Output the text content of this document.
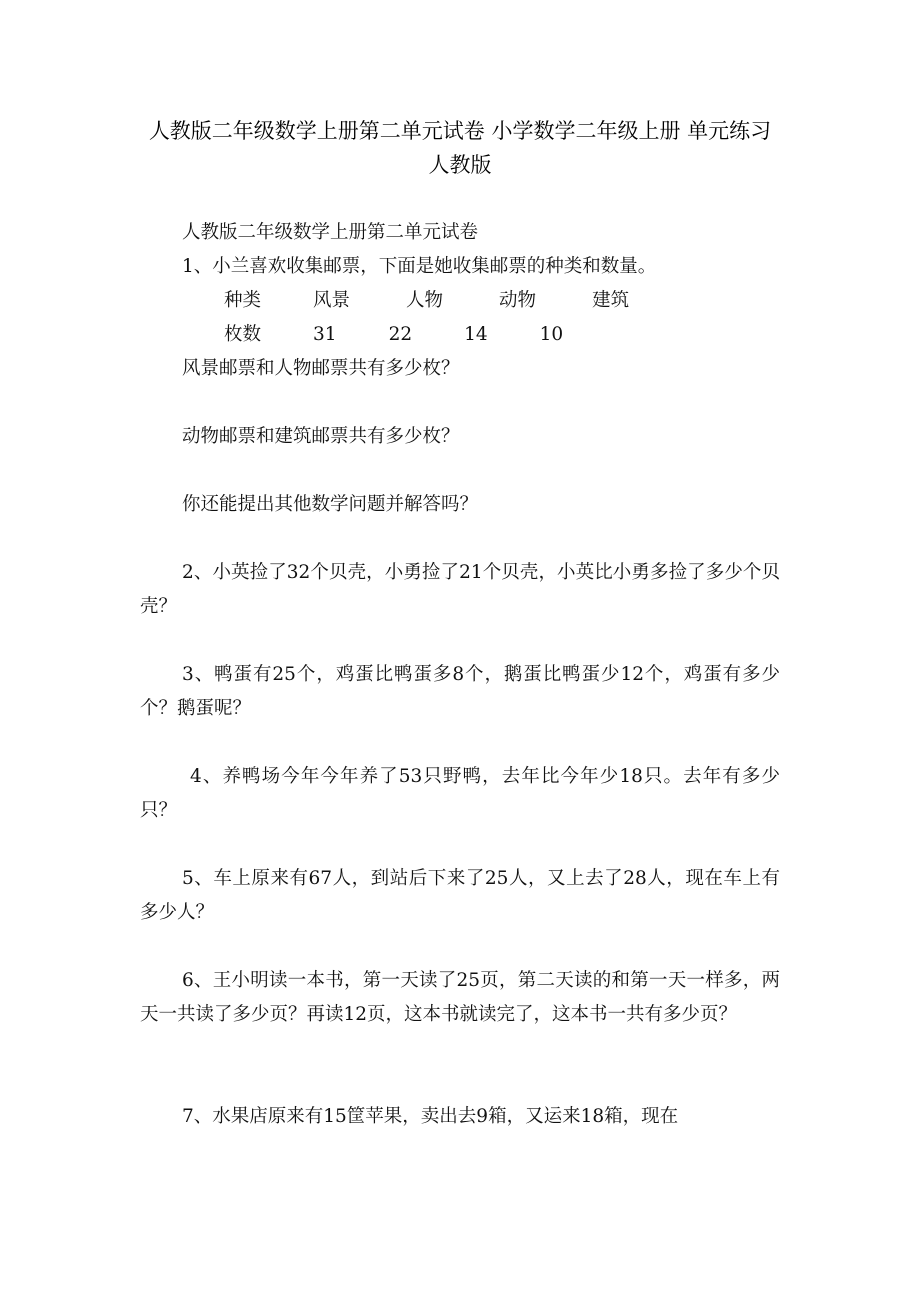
人教版二年级数学上册第二单元试卷 小学数学二年级上册 单元练习 人教版
人教版二年级数学上册第二单元试卷
1、小兰喜欢收集邮票，下面是她收集邮票的种类和数量。
种类	风景	人物	动物	建筑
枚数	31	22	14	10
风景邮票和人物邮票共有多少枚？
动物邮票和建筑邮票共有多少枚？
你还能提出其他数学问题并解答吗？
2、小英捡了32个贝壳，小勇捡了21个贝壳，小英比小勇多捡了多少个贝壳？
3、鸭蛋有25个，鸡蛋比鸭蛋多8个，鹅蛋比鸭蛋少12个，鸡蛋有多少个？鹅蛋呢？
4、养鸭场今年今年养了53只野鸭，去年比今年少18只。去年有多少只？
5、车上原来有67人，到站后下来了25人，又上去了28人，现在车上有多少人？
6、王小明读一本书，第一天读了25页，第二天读的和第一天一样多，两天一共读了多少页？再读12页，这本书就读完了，这本书一共有多少页？
7、水果店原来有15筐苹果，卖出去9箱，又运来18箱，现在
